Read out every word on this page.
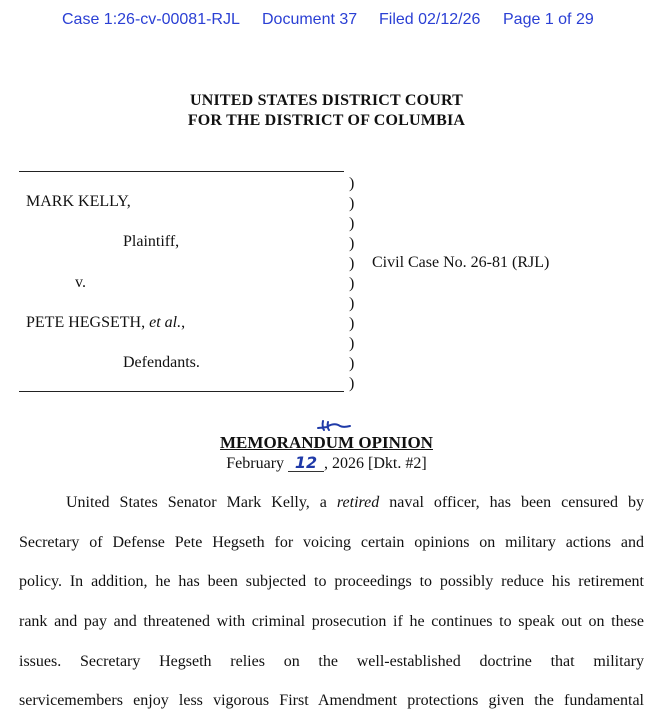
Case 1:26-cv-00081-RJL Document 37 Filed 02/12/26 Page 1 of 29
UNITED STATES DISTRICT COURT
FOR THE DISTRICT OF COLUMBIA
MARK KELLY,
Plaintiff,
v.
PETE HEGSETH, et al.,
Defendants.
)
)
)
)
)
)
)
)
)
)
)
Civil Case No. 26-81 (RJL)
MEMORANDUM OPINION
February 12 , 2026 [Dkt. #2]
United States Senator Mark Kelly, a retired naval officer, has been censured by
Secretary of Defense Pete Hegseth for voicing certain opinions on military actions and
policy. In addition, he has been subjected to proceedings to possibly reduce his retirement
rank and pay and threatened with criminal prosecution if he continues to speak out on these
issues. Secretary Hegseth relies on the well-established doctrine that military
servicemembers enjoy less vigorous First Amendment protections given the fundamental
